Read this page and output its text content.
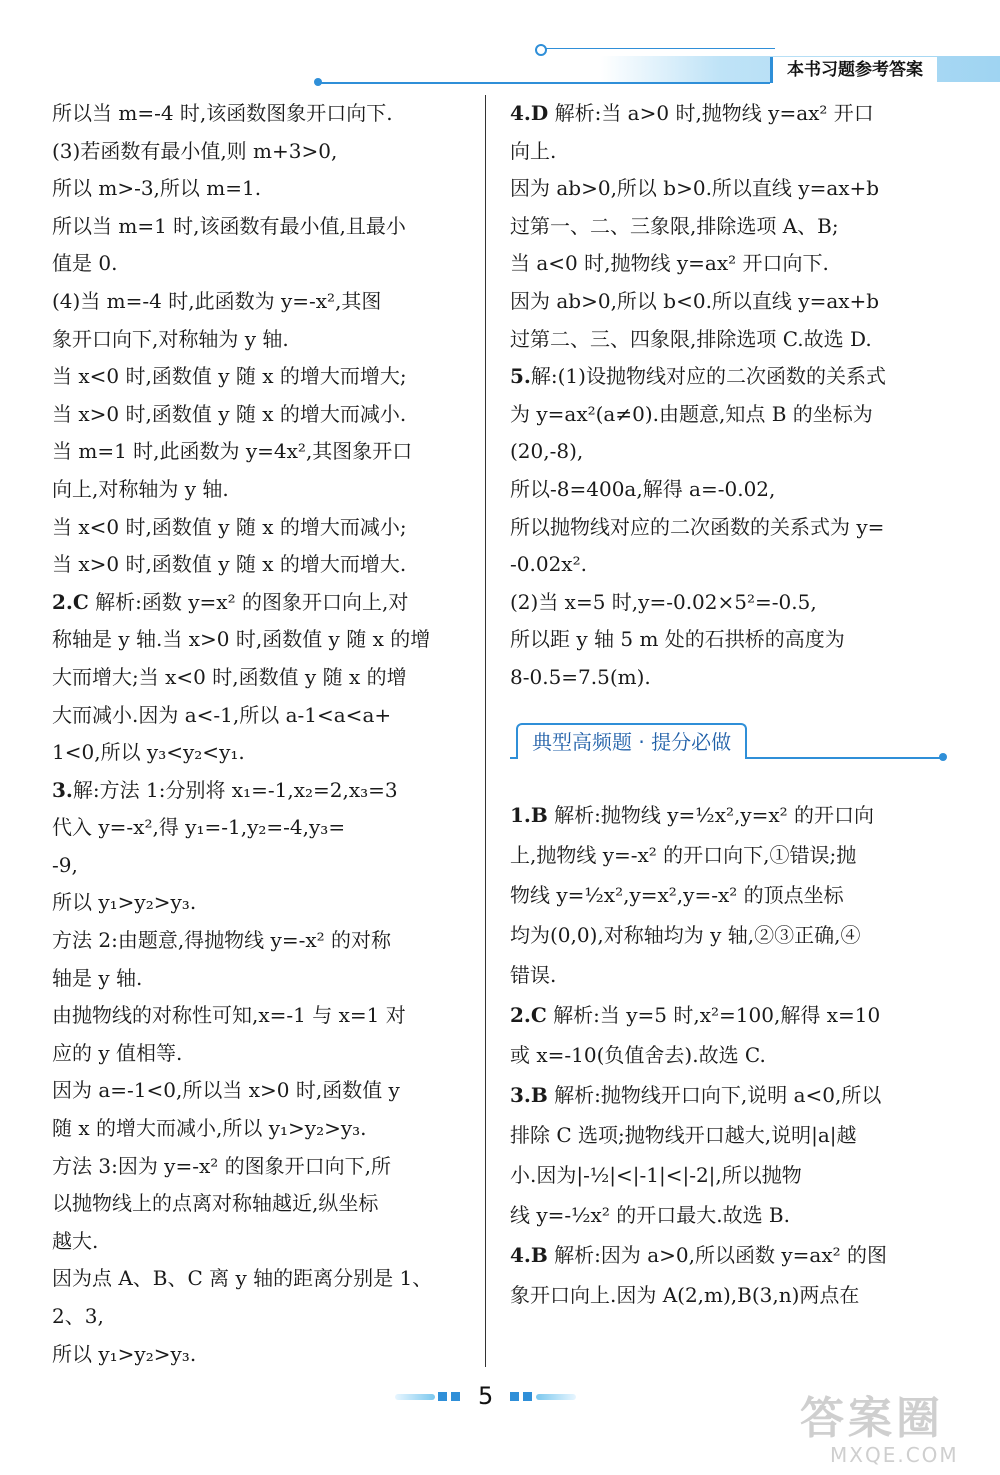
本书习题参考答案
所以当 m=-4 时,该函数图象开口向下.
(3)若函数有最小值,则 m+3>0,
所以 m>-3,所以 m=1.
所以当 m=1 时,该函数有最小值,且最小
值是 0.
(4)当 m=-4 时,此函数为 y=-x²,其图
象开口向下,对称轴为 y 轴.
当 x<0 时,函数值 y 随 x 的增大而增大;
当 x>0 时,函数值 y 随 x 的增大而减小.
当 m=1 时,此函数为 y=4x²,其图象开口
向上,对称轴为 y 轴.
当 x<0 时,函数值 y 随 x 的增大而减小;
当 x>0 时,函数值 y 随 x 的增大而增大.
2.C 解析:函数 y=x² 的图象开口向上,对
称轴是 y 轴.当 x>0 时,函数值 y 随 x 的增
大而增大;当 x<0 时,函数值 y 随 x 的增
大而减小.因为 a<-1,所以 a-1<a<a+
1<0,所以 y₃<y₂<y₁.
3.解:方法 1:分别将 x₁=-1,x₂=2,x₃=3
代入 y=-x²,得 y₁=-1,y₂=-4,y₃=
-9,
所以 y₁>y₂>y₃.
方法 2:由题意,得抛物线 y=-x² 的对称
轴是 y 轴.
由抛物线的对称性可知,x=-1 与 x=1 对
应的 y 值相等.
因为 a=-1<0,所以当 x>0 时,函数值 y
随 x 的增大而减小,所以 y₁>y₂>y₃.
方法 3:因为 y=-x² 的图象开口向下,所
以抛物线上的点离对称轴越近,纵坐标
越大.
因为点 A、B、C 离 y 轴的距离分别是 1、
2、3,
所以 y₁>y₂>y₃.
4.D 解析:当 a>0 时,抛物线 y=ax² 开口
向上.
因为 ab>0,所以 b>0.所以直线 y=ax+b
过第一、二、三象限,排除选项 A、B;
当 a<0 时,抛物线 y=ax² 开口向下.
因为 ab>0,所以 b<0.所以直线 y=ax+b
过第二、三、四象限,排除选项 C.故选 D.
5.解:(1)设抛物线对应的二次函数的关系式
为 y=ax²(a≠0).由题意,知点 B 的坐标为
(20,-8),
所以-8=400a,解得 a=-0.02,
所以抛物线对应的二次函数的关系式为 y=
-0.02x².
(2)当 x=5 时,y=-0.02×5²=-0.5,
所以距 y 轴 5 m 处的石拱桥的高度为
8-0.5=7.5(m).
典型高频题 · 提分必做
1.B 解析:抛物线 y=½x²,y=x² 的开口向
上,抛物线 y=-x² 的开口向下,①错误;抛
物线 y=½x²,y=x²,y=-x² 的顶点坐标
均为(0,0),对称轴均为 y 轴,②③正确,④
错误.
2.C 解析:当 y=5 时,x²=100,解得 x=10
或 x=-10(负值舍去).故选 C.
3.B 解析:抛物线开口向下,说明 a<0,所以
排除 C 选项;抛物线开口越大,说明|a|越
小.因为|-½|<|-1|<|-2|,所以抛物
线 y=-½x² 的开口最大.故选 B.
4.B 解析:因为 a>0,所以函数 y=ax² 的图
象开口向上.因为 A(2,m),B(3,n)两点在
5	答案圈
MXQE.COM
